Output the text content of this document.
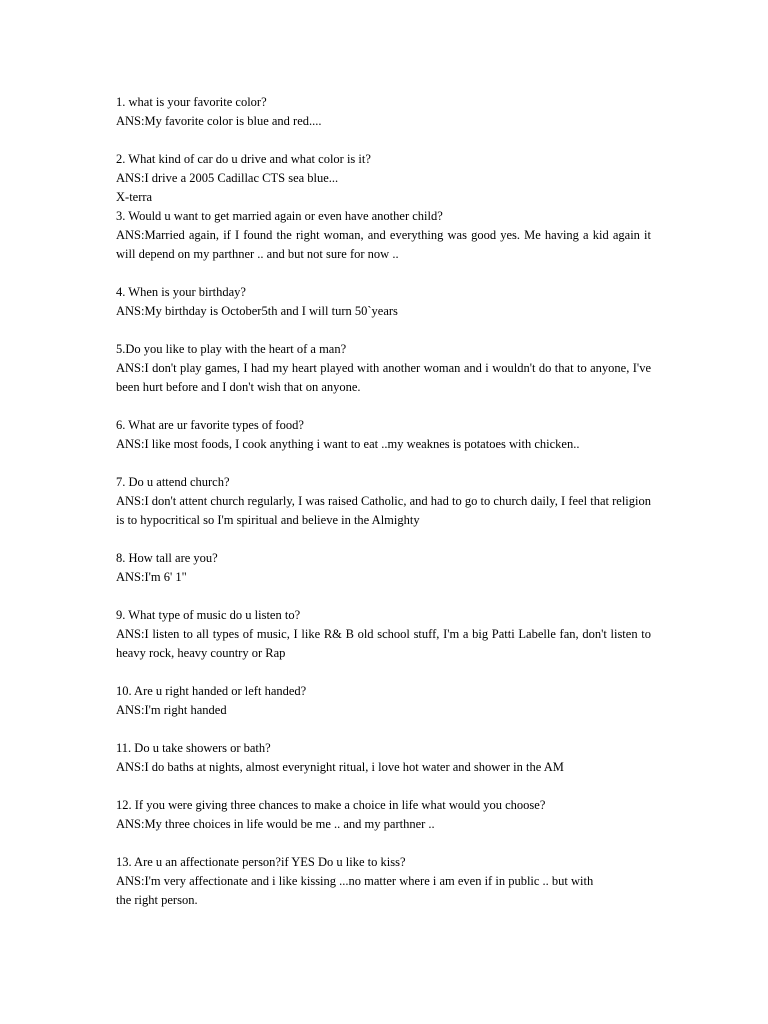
1. what is your favorite color?
ANS:My favorite color is blue and red....
2. What kind of car do u drive and what color is it?
ANS:I drive a 2005 Cadillac CTS sea blue...
X-terra
3. Would u want to get married again or even have another child?
ANS:Married again, if I found the right woman, and everything was good yes. Me having a kid again it will depend on my parthner .. and but not sure for now ..
4. When is your birthday?
ANS:My birthday is October5th and I will turn 50`years
5.Do you like to play with the heart of a man?
ANS:I don't play games, I had my heart played with another woman and i wouldn't do that to anyone, I've been hurt before and I don't wish that on anyone.
6. What are ur favorite types of food?
ANS:I like most foods, I cook anything i want to eat ..my weaknes is potatoes with chicken..
7. Do u attend church?
ANS:I don't attent church regularly, I was raised Catholic, and had to go to church daily, I feel that religion is to hypocritical so I'm spiritual and believe in the Almighty
8. How tall are you?
ANS:I'm 6' 1"
9. What type of music do u listen to?
ANS:I listen to all types of music, I like R& B old school stuff, I'm a big Patti Labelle fan, don't listen to heavy rock, heavy country or Rap
10. Are u right handed or left handed?
ANS:I'm right handed
11. Do u take showers or bath?
ANS:I do baths at nights, almost everynight ritual, i love hot water and shower in the AM
12. If you were giving three chances to make a choice in life what would you choose?
ANS:My three choices in life would be me .. and my parthner ..
13. Are u an affectionate person?if YES Do u like to kiss?
ANS:I'm very affectionate and i like kissing ...no matter where i am even if in public .. but with
the right person.
